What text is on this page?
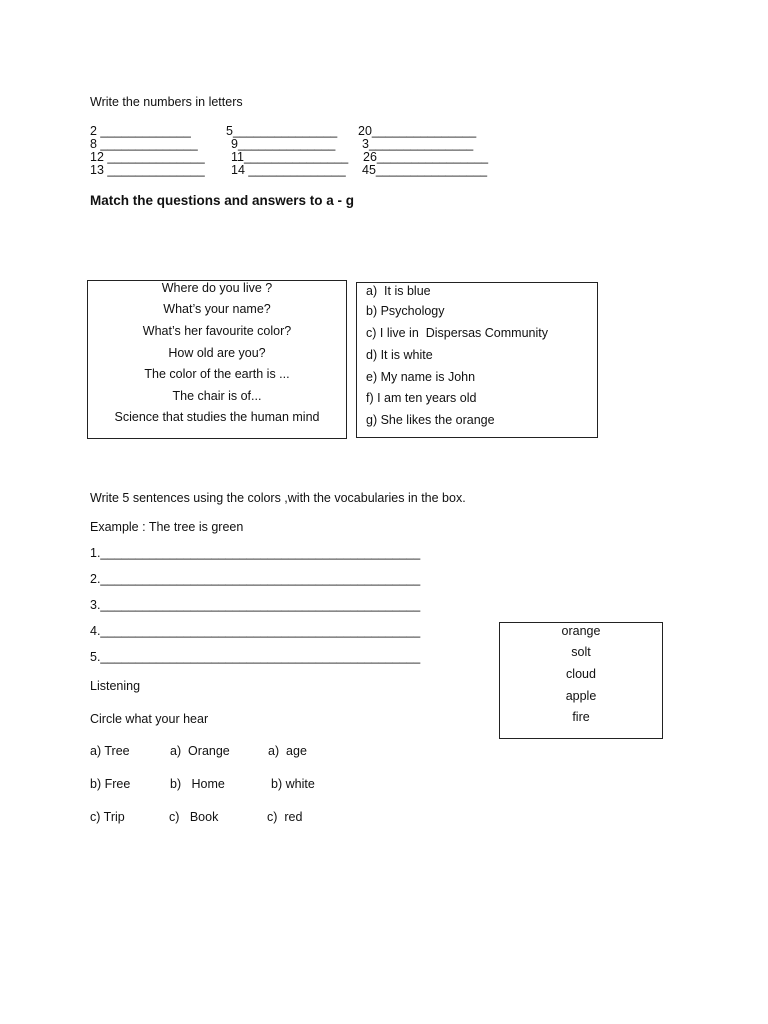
Write the numbers in letters
2 _____________	5_______________ 20_______________
8 ______________	9______________ 3_______________
12 ______________ 11_______________ 26________________
13 ______________ 14 ______________ 45________________
Match the questions and answers to a - g
Where do you live ?
What’s your name?
What’s her favourite color?
How old are you?
The color of the earth is ...
The chair is of...
Science that studies the human mind
a)  It is blue
b) Psychology
c) I live in  Dispersas Community
d) It is white
e) My name is John
f) I am ten years old
g) She likes the orange
Write 5 sentences using the colors ,with the vocabularies in the box.
Example : The tree is green
1.______________________________________________
2.______________________________________________
3.______________________________________________
4.______________________________________________
5.______________________________________________
orange
solt
cloud
apple
fire
Listening
Circle what your hear
a) Tree	a)  Orange	a)  age
b) Free	b)   Home	b) white
c) Trip	c)   Book	c)  red
